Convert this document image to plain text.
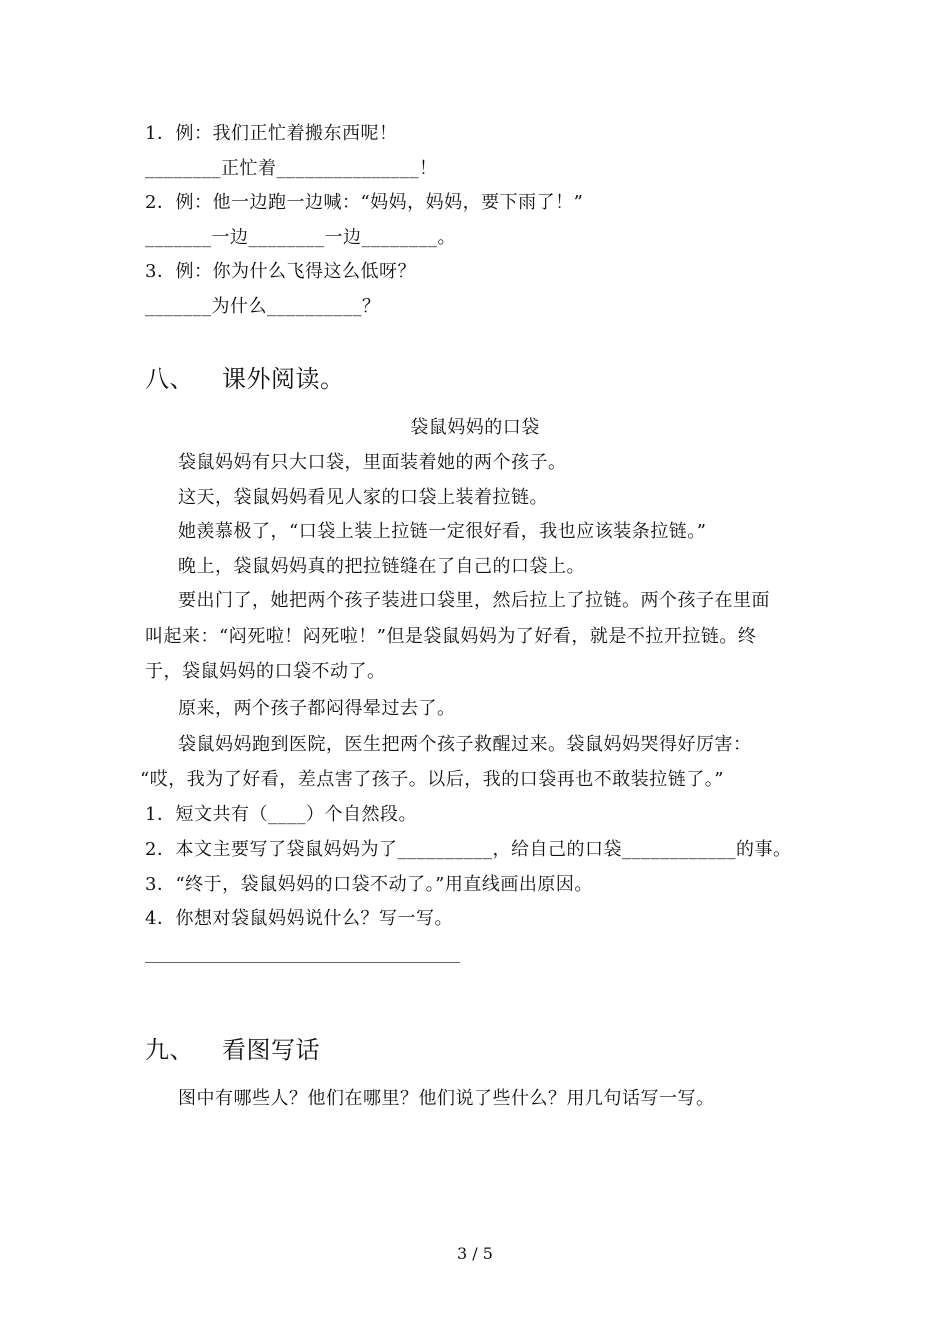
1．例：我们正忙着搬东西呢！
________正忙着_______________！
2．例：他一边跑一边喊：“妈妈，妈妈，要下雨了！”
_______一边________一边________。
3．例：你为什么飞得这么低呀？
_______为什么__________？
八、 课外阅读。
袋鼠妈妈的口袋
袋鼠妈妈有只大口袋，里面装着她的两个孩子。
这天，袋鼠妈妈看见人家的口袋上装着拉链。
她羡慕极了，“口袋上装上拉链一定很好看，我也应该装条拉链。”
晚上，袋鼠妈妈真的把拉链缝在了自己的口袋上。
要出门了，她把两个孩子装进口袋里，然后拉上了拉链。两个孩子在里面
叫起来：“闷死啦！闷死啦！”但是袋鼠妈妈为了好看，就是不拉开拉链。终
于，袋鼠妈妈的口袋不动了。
原来，两个孩子都闷得晕过去了。
袋鼠妈妈跑到医院，医生把两个孩子救醒过来。袋鼠妈妈哭得好厉害：
“哎，我为了好看，差点害了孩子。以后，我的口袋再也不敢装拉链了。”
1．短文共有（____）个自然段。
2．本文主要写了袋鼠妈妈为了__________，给自己的口袋____________的事。
3．“终于，袋鼠妈妈的口袋不动了。”用直线画出原因。
4．你想对袋鼠妈妈说什么？写一写。
九、 看图写话
图中有哪些人？他们在哪里？他们说了些什么？用几句话写一写。
3 / 5
